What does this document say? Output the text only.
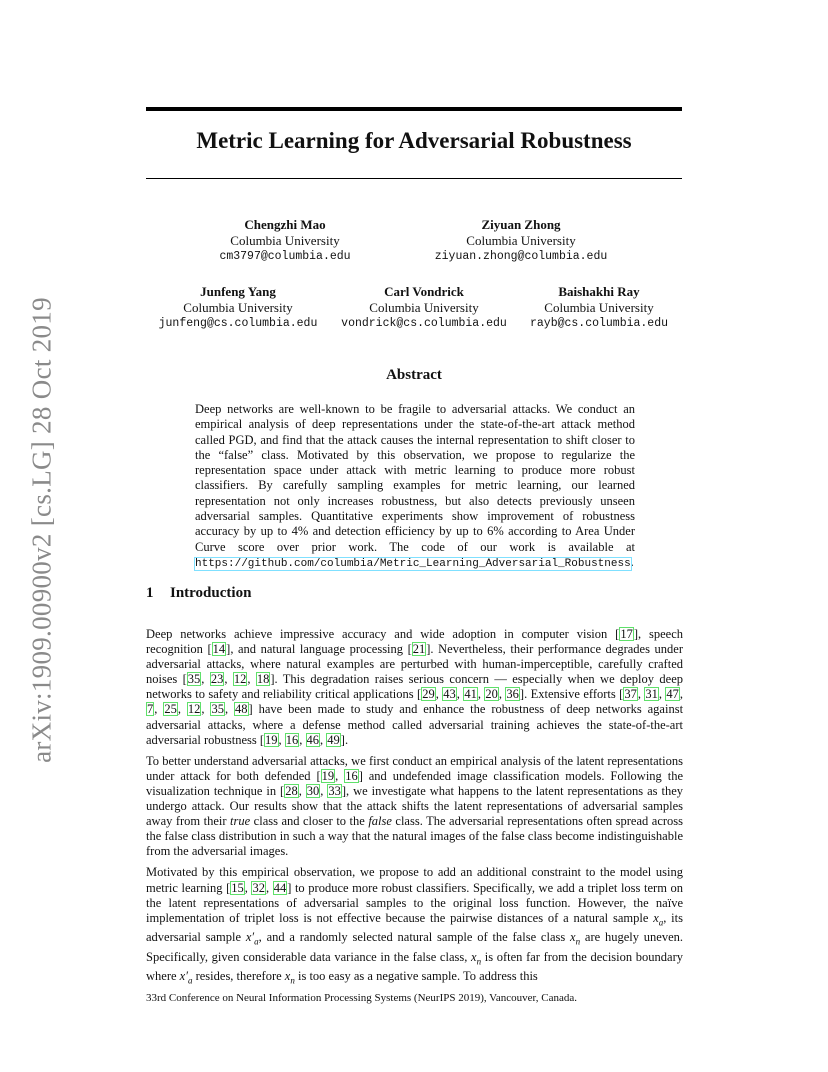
arXiv:1909.00900v2 [cs.LG] 28 Oct 2019
Metric Learning for Adversarial Robustness
Chengzhi Mao
Columbia University
cm3797@columbia.edu
Ziyuan Zhong
Columbia University
ziyuan.zhong@columbia.edu
Junfeng Yang
Columbia University
junfeng@cs.columbia.edu
Carl Vondrick
Columbia University
vondrick@cs.columbia.edu
Baishakhi Ray
Columbia University
rayb@cs.columbia.edu
Abstract
Deep networks are well-known to be fragile to adversarial attacks. We conduct an empirical analysis of deep representations under the state-of-the-art attack method called PGD, and find that the attack causes the internal representation to shift closer to the “false” class. Motivated by this observation, we propose to regularize the representation space under attack with metric learning to produce more robust classifiers. By carefully sampling examples for metric learning, our learned representation not only increases robustness, but also detects previously unseen adversarial samples. Quantitative experiments show improvement of robustness accuracy by up to 4% and detection efficiency by up to 6% according to Area Under Curve score over prior work. The code of our work is available at https://github.com/columbia/Metric_Learning_Adversarial_Robustness.
1 Introduction

Deep networks achieve impressive accuracy and wide adoption in computer vision [17], speech recognition [14], and natural language processing [21]. Nevertheless, their performance degrades under adversarial attacks, where natural examples are perturbed with human-imperceptible, carefully crafted noises [35, 23, 12, 18]. This degradation raises serious concern — especially when we deploy deep networks to safety and reliability critical applications [29, 43, 41, 20, 36]. Extensive efforts [37, 31, 47, 7, 25, 12, 35, 48] have been made to study and enhance the robustness of deep networks against adversarial attacks, where a defense method called adversarial training achieves the state-of-the-art adversarial robustness [19, 16, 46, 49].

To better understand adversarial attacks, we first conduct an empirical analysis of the latent representations under attack for both defended [19, 16] and undefended image classification models. Following the visualization technique in [28, 30, 33], we investigate what happens to the latent representations as they undergo attack. Our results show that the attack shifts the latent representations of adversarial samples away from their true class and closer to the false class. The adversarial representations often spread across the false class distribution in such a way that the natural images of the false class become indistinguishable from the adversarial images.

Motivated by this empirical observation, we propose to add an additional constraint to the model using metric learning [15, 32, 44] to produce more robust classifiers. Specifically, we add a triplet loss term on the latent representations of adversarial samples to the original loss function. However, the naïve implementation of triplet loss is not effective because the pairwise distances of a natural sample $x_a$, its adversarial sample $x'_a$, and a randomly selected natural sample of the false class $x_n$ are hugely uneven. Specifically, given considerable data variance in the false class, $x_n$ is often far from the decision boundary where $x'_a$ resides, therefore $x_n$ is too easy as a negative sample. To address this

33rd Conference on Neural Information Processing Systems (NeurIPS 2019), Vancouver, Canada.
